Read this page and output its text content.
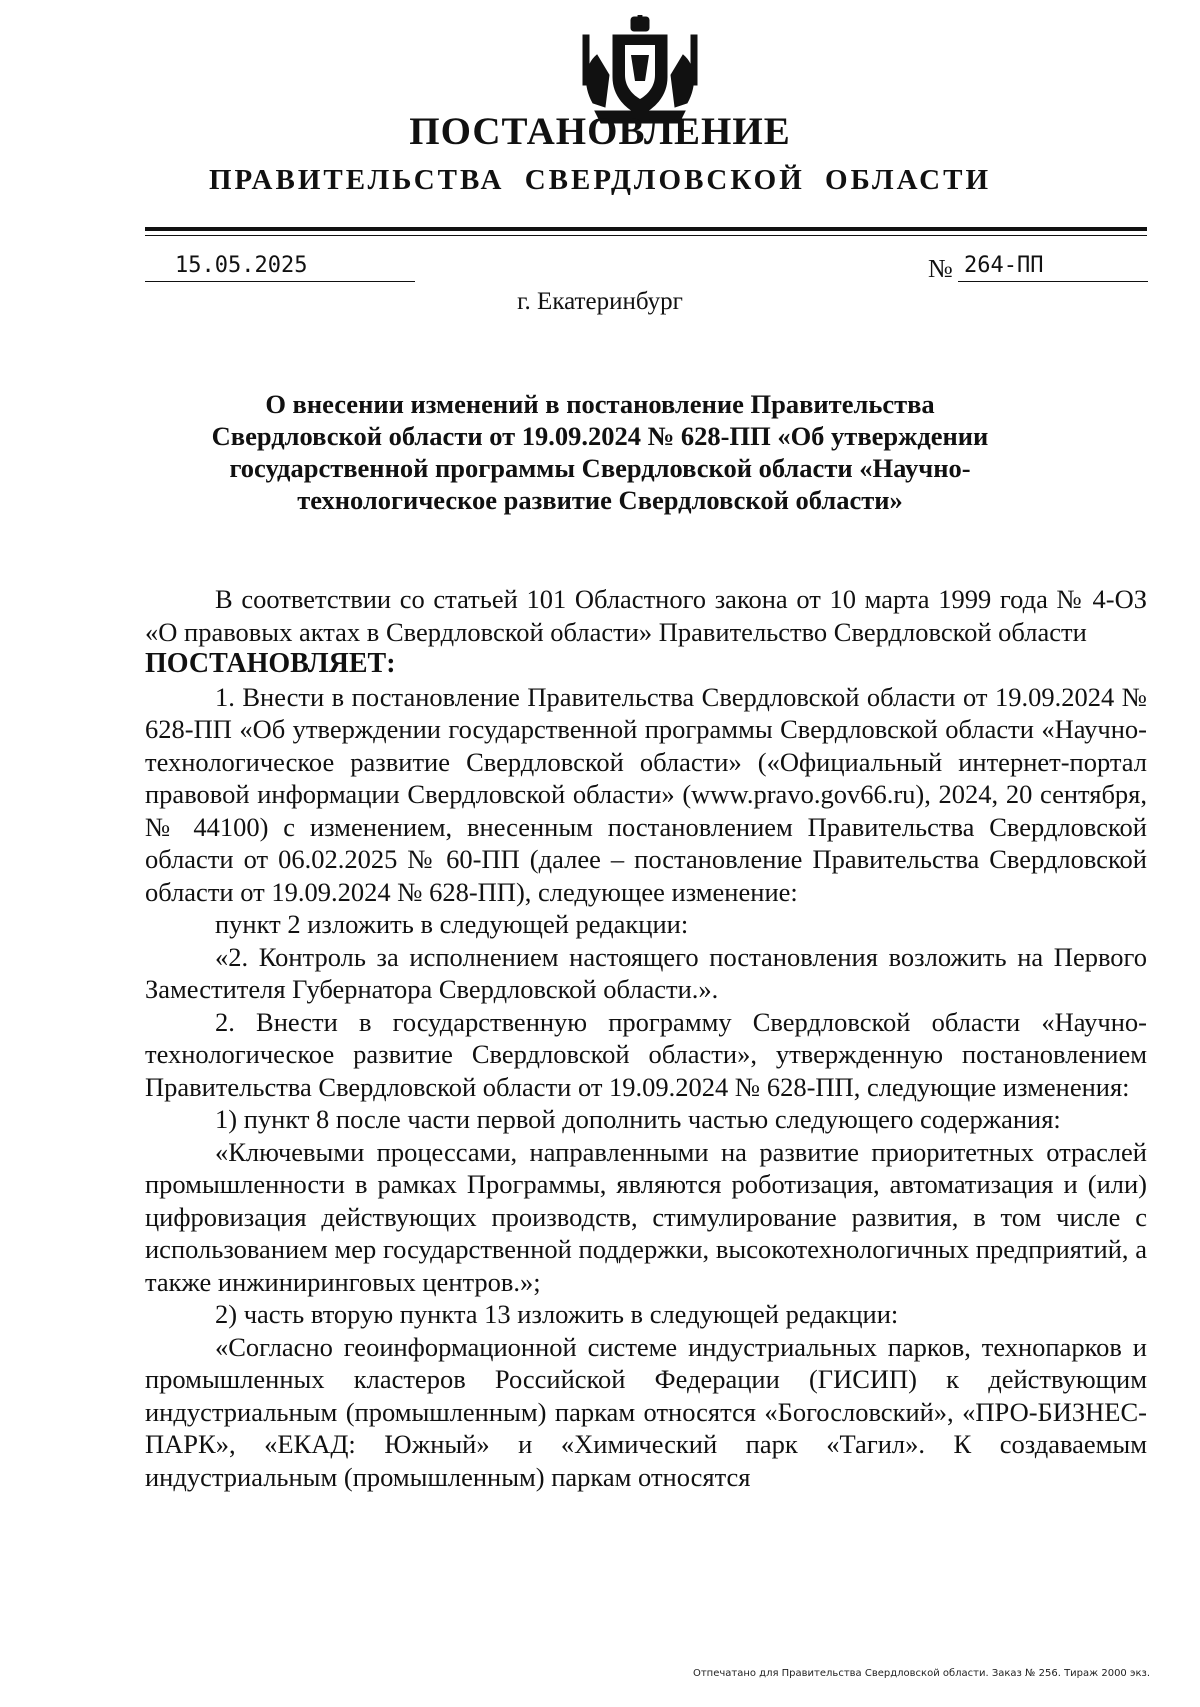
ПОСТАНОВЛЕНИЕ
ПРАВИТЕЛЬСТВА СВЕРДЛОВСКОЙ ОБЛАСТИ
15.05.2025	№ 264-ПП
г. Екатеринбург
О внесении изменений в постановление Правительства Свердловской области от 19.09.2024 № 628-ПП «Об утверждении государственной программы Свердловской области «Научно-технологическое развитие Свердловской области»

В соответствии со статьей 101 Областного закона от 10 марта 1999 года № 4-ОЗ «О правовых актах в Свердловской области» Правительство Свердловской области

ПОСТАНОВЛЯЕТ:

1. Внести в постановление Правительства Свердловской области от 19.09.2024 № 628-ПП «Об утверждении государственной программы Свердловской области «Научно-технологическое развитие Свердловской области» («Официальный интернет-портал правовой информации Свердловской области» (www.pravo.gov66.ru), 2024, 20 сентября, № 44100) с изменением, внесенным постановлением Правительства Свердловской области от 06.02.2025 № 60-ПП (далее – постановление Правительства Свердловской области от 19.09.2024 № 628-ПП), следующее изменение:

пункт 2 изложить в следующей редакции:

«2. Контроль за исполнением настоящего постановления возложить на Первого Заместителя Губернатора Свердловской области.».

2. Внести в государственную программу Свердловской области «Научно-технологическое развитие Свердловской области», утвержденную постановлением Правительства Свердловской области от 19.09.2024 № 628-ПП, следующие изменения:

1) пункт 8 после части первой дополнить частью следующего содержания:

«Ключевыми процессами, направленными на развитие приоритетных отраслей промышленности в рамках Программы, являются роботизация, автоматизация и (или) цифровизация действующих производств, стимулирование развития, в том числе с использованием мер государственной поддержки, высокотехнологичных предприятий, а также инжиниринговых центров.»;

2) часть вторую пункта 13 изложить в следующей редакции:

«Согласно геоинформационной системе индустриальных парков, технопарков и промышленных кластеров Российской Федерации (ГИСИП) к действующим индустриальным (промышленным) паркам относятся «Богословский», «ПРО-БИЗНЕС-ПАРК», «ЕКАД: Южный» и «Химический парк «Тагил». К создаваемым индустриальным (промышленным) паркам относятся

Отпечатано для Правительства Свердловской области. Заказ № 256. Тираж 2000 экз.
